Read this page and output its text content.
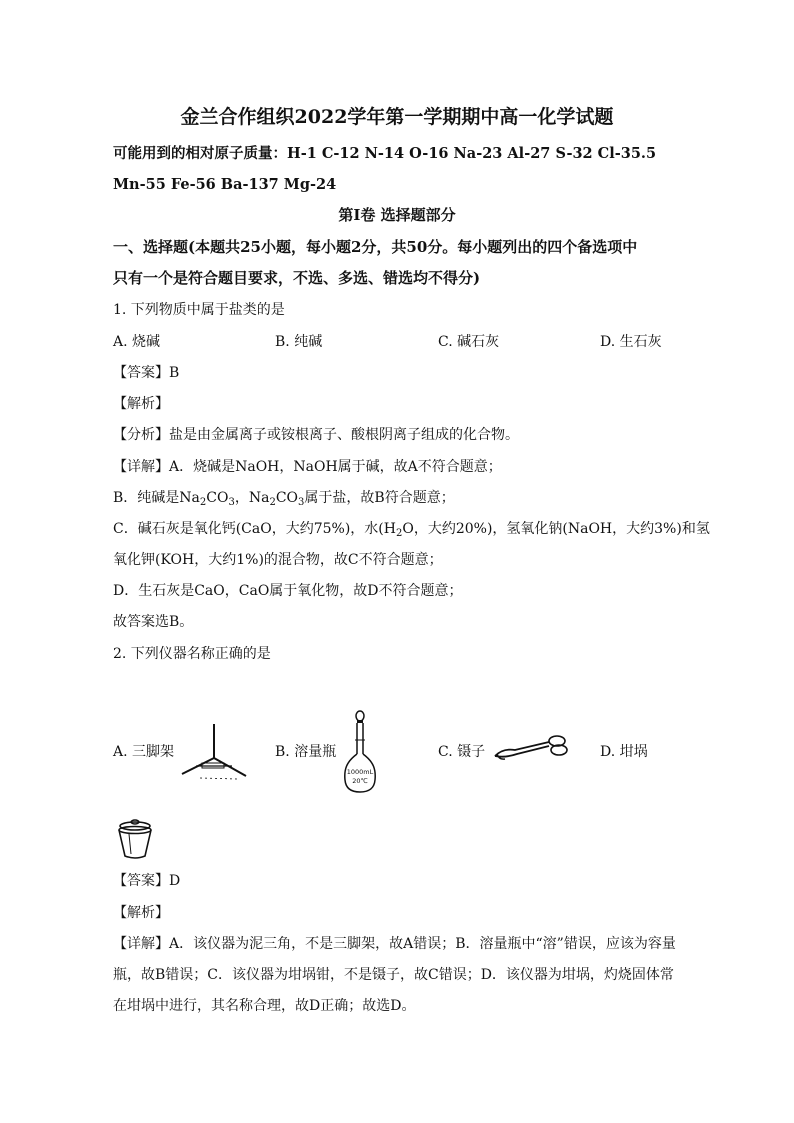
金兰合作组织2022学年第一学期期中高一化学试题
可能用到的相对原子质量：H-1 C-12 N-14 O-16 Na-23 Al-27 S-32 Cl-35.5
Mn-55 Fe-56 Ba-137 Mg-24
第Ⅰ卷 选择题部分
一、选择题(本题共25小题，每小题2分，共50分。每小题列出的四个备选项中
只有一个是符合题目要求，不选、多选、错选均不得分)
1. 下列物质中属于盐类的是
A. 烧碱	B. 纯碱	C. 碱石灰	D. 生石灰
【答案】B
【解析】
【分析】盐是由金属离子或铵根离子、酸根阴离子组成的化合物。
【详解】A．烧碱是NaOH，NaOH属于碱，故A不符合题意；
B．纯碱是$Na_2CO_3$，$Na_2CO_3$属于盐，故B符合题意；
C．碱石灰是氧化钙(CaO，大约75%)，水($H_2O$，大约20%)，氢氧化钠(NaOH，大约3%)和氢
氧化钾(KOH，大约1%)的混合物，故C不符合题意；
D．生石灰是CaO，CaO属于氧化物，故D不符合题意；
故答案选B。
2. 下列仪器名称正确的是
A. 三脚架	B. 溶量瓶
1000mL
20℃
C. 镊子	D. 坩埚
【答案】D
【解析】
【详解】A．该仪器为泥三角，不是三脚架，故A错误；B．溶量瓶中“溶”错误，应该为容量
瓶，故B错误；C．该仪器为坩埚钳，不是镊子，故C错误；D．该仪器为坩埚，灼烧固体常
在坩埚中进行，其名称合理，故D正确；故选D。
